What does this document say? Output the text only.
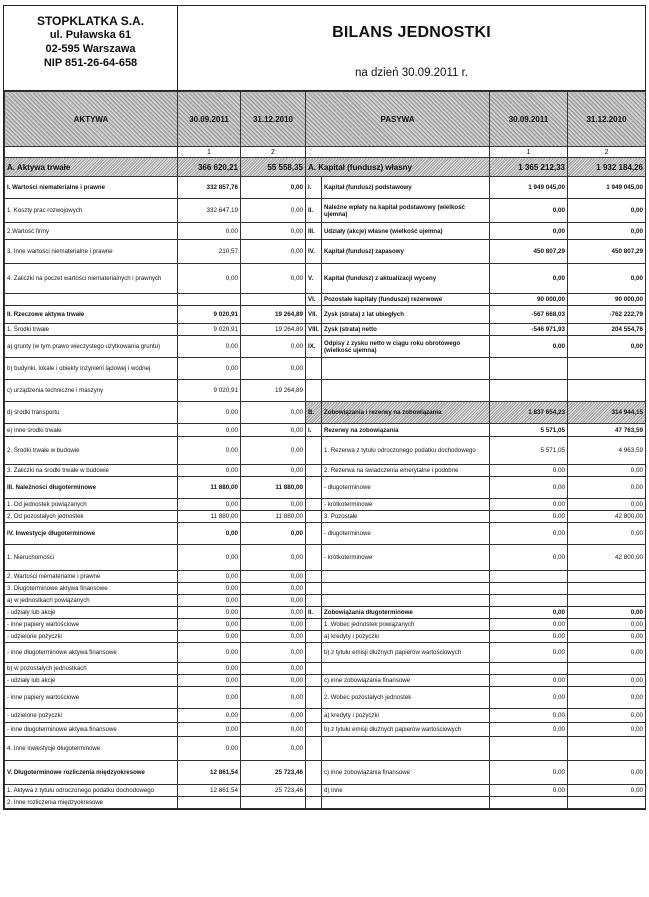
STOPKLATKA S.A.
ul. Puławska 61
02-595 Warszawa
NIP 851-26-64-658
BILANS JEDNOSTKI
na dzień 30.09.2011 r.
AKTYWA	30.09.2011	31.12.2010	PASYWA		30.09.2011	31.12.2010
	1	2			1	2
A. Aktywa trwałe	366 620,21	55 558,35	A. Kapitał (fundusz) własny		1 365 212,33	1 932 184,26
I. Wartości niematerialne i prawne	332 857,76	0,00	I.	Kapitał (fundusz) podstawowy	1 949 045,00	1 949 045,00
1. Koszty prac rozwojowych	332 647,19	0,00	II.	Należne wpłaty na kapitał podstawowy (wielkość ujemna)	0,00	0,00
2.Wartość firmy	0,00	0,00	III.	Udziały (akcje) własne (wielkość ujemna)	0,00	0,00
3. Inne wartości niematerialne i prawne	210,57	0,00	IV.	Kapitał (fundusz) zapasowy	450 807,29	450 807,29
4. Zaliczki na poczet wartości niematerialnych i prawnych	0,00	0,00	V.	Kapitał (fundusz) z aktualizacji wyceny	0,00	0,00
			VI.	Pozostałe kapitały (fundusze) rezerwowe	90 000,00	90 000,00
II. Rzeczowe aktywa trwałe	9 020,91	19 264,89	VII.	Zysk (strata) z lat ubiegłych	-567 668,03	-762 222,79
1. Środki trwałe	9 020,91	19 264,89	VIII.	Zysk (strata) netto	-546 971,93	204 554,76
a) grunty (w tym prawo wieczystego użytkowania gruntu)	0,00	0,00	IX.	Odpisy z zysku netto w ciągu roku obrotowego (wielkość ujemna)	0,00	0,00
b) budynki, lokale i obiekty inżynierii lądowej i wodnej	0,00	0,00				
c) urządzenia techniczne i maszyny	9 020,91	19 264,89				
d) środki transportu	0,00	0,00	B.	Zobowiązania i rezerwy na zobowiązania	1 837 654,23	314 944,15
e) inne środki trwałe	0,00	0,00	I.	Rezerwy na zobowiązania	5 571,05	47 763,59
2. Środki trwałe w budowie	0,00	0,00		1. Rezerwa z tytułu odroczonego podatku dochodowego	5 571,05	4 963,59
3. Zaliczki na środki trwałe w budowie	0,00	0,00		2. Rezerwa na świadczenia emerytalne i podobne	0,00	0,00
III. Należności długoterminowe	11 880,00	11 880,00		- długoterminowe	0,00	0,00
1. Od jednostek powiązanych	0,00	0,00		- krótkoterminowe	0,00	0,00
2. Od pozostałych jednostek	11 880,00	11 880,00		3. Pozostałe	0,00	42 800,00
IV. Inwestycje długoterminowe	0,00	0,00		- długoterminowe	0,00	0,00
1. Nieruchomości	0,00	0,00		- krótkoterminowe	0,00	42 800,00
2. Wartości niematerialne i prawne	0,00	0,00				
3. Długoterminowe aktywa finansowe	0,00	0,00				
a) w jednostkach powiązanych	0,00	0,00				
- udziały lub akcje	0,00	0,00	II.	Zobowiązania długoterminowe	0,00	0,00
- inne papiery wartościowe	0,00	0,00		1. Wobec jednostek powiązanych	0,00	0,00
- udzielone pożyczki	0,00	0,00		a) kredyty i pożyczki	0,00	0,00
- inne długoterminowe aktywa finansowe	0,00	0,00		b) z tytułu emisji dłużnych papierów wartościowych	0,00	0,00
b) w pozostałych jednostkach	0,00	0,00				
- udziały lub akcje	0,00	0,00		c) inne zobowiązania finansowe	0,00	0,00
- inne papiery wartościowe	0,00	0,00		2. Wobec pozostałych jednostek	0,00	0,00
- udzielone pożyczki	0,00	0,00		a) kredyty i pożyczki	0,00	0,00
- inne długoterminowe aktywa finansowe	0,00	0,00		b) z tytułu emisji dłużnych papierów wartościowych	0,00	0,00
4. Inne inwestycje długoterminowe	0,00	0,00				
V. Długoterminowe rozliczenia międzyokresowe	12 861,54	25 723,46		c) inne zobowiązania finansowe	0,00	0,00
1. Aktywa z tytułu odroczonego podatku dochodowego	12 861,54	25 723,46		d) inne	0,00	0,00
2. Inne rozliczenia międzyokresowe						
